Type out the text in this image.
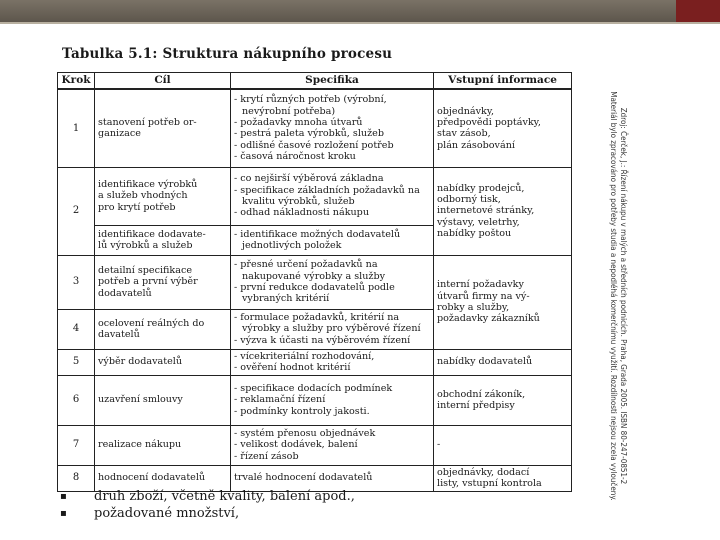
Tabulka 5.1: Struktura nákupního procesu
Zdroj: Čerček, J.: Řízení nákupu v malých a středních podnicích. Praha, Grada 2005. ISBN 80-247-0851-2
Materiál bylo zpracováno pro potřeby studia a nepodléhá komerčnímu využití. Rozdílnosti nejsou zcela vyloučeny.
Krok	Cíl	Specifika	Vstupní informace
1	stanovení potřeb or-
ganizace	- krytí různých potřeb (výrobní, nevýrobní potřeba)
- požadavky mnoha útvarů
- pestrá paleta výrobků, služeb
- odlišné časové rozložení potřeb
- časová náročnost kroku	objednávky,
předpovědi poptávky,
stav zásob,
plán zásobování

2	identifikace výrobků
a služeb vhodných
pro krytí potřeb	- co nejširší výběrová základna
- specifikace základních požadavků na kvalitu výrobků, služeb
- odhad nákladnosti nákupu	nabídky prodejců,
odborný tisk,
internetové stránky,
výstavy, veletrhy,
nabídky poštou

	identifikace dodavate-
lů výrobků a služeb	- identifikace možných dodavatelů jednotlivých položek	

3	detailní specifikace
potřeb a první výběr
dodavatelů	- přesné určení požadavků na nakupované výrobky a služby
- první redukce dodavatelů podle vybraných kritérií	interní požadavky
útvarů firmy na vý-
robky a služby,
požadavky zákazníků

4	ocelovení reálných do
davatelů	- formulace požadavků, kritérií na výrobky a služby pro výběrové řízení
- výzva k účasti na výběrovém řízení	

5	výběr dodavatelů	- vícekriteriální rozhodování,
- ověření hodnot kritérií	nabídky dodavatelů

6	uzavření smlouvy	- specifikace dodacích podmínek
- reklamační řízení
- podmínky kontroly jakosti.	obchodní zákoník,
interní předpisy

7	realizace nákupu	- systém přenosu objednávek
- velikost dodávek, balení
- řízení zásob	-

8	hodnocení dodavatelů	trvalé hodnocení dodavatelů	objednávky, dodací
listy, vstupní kontrola
▪	druh zboží, včetně kvality, balení apod.,
▪	požadované množství,
